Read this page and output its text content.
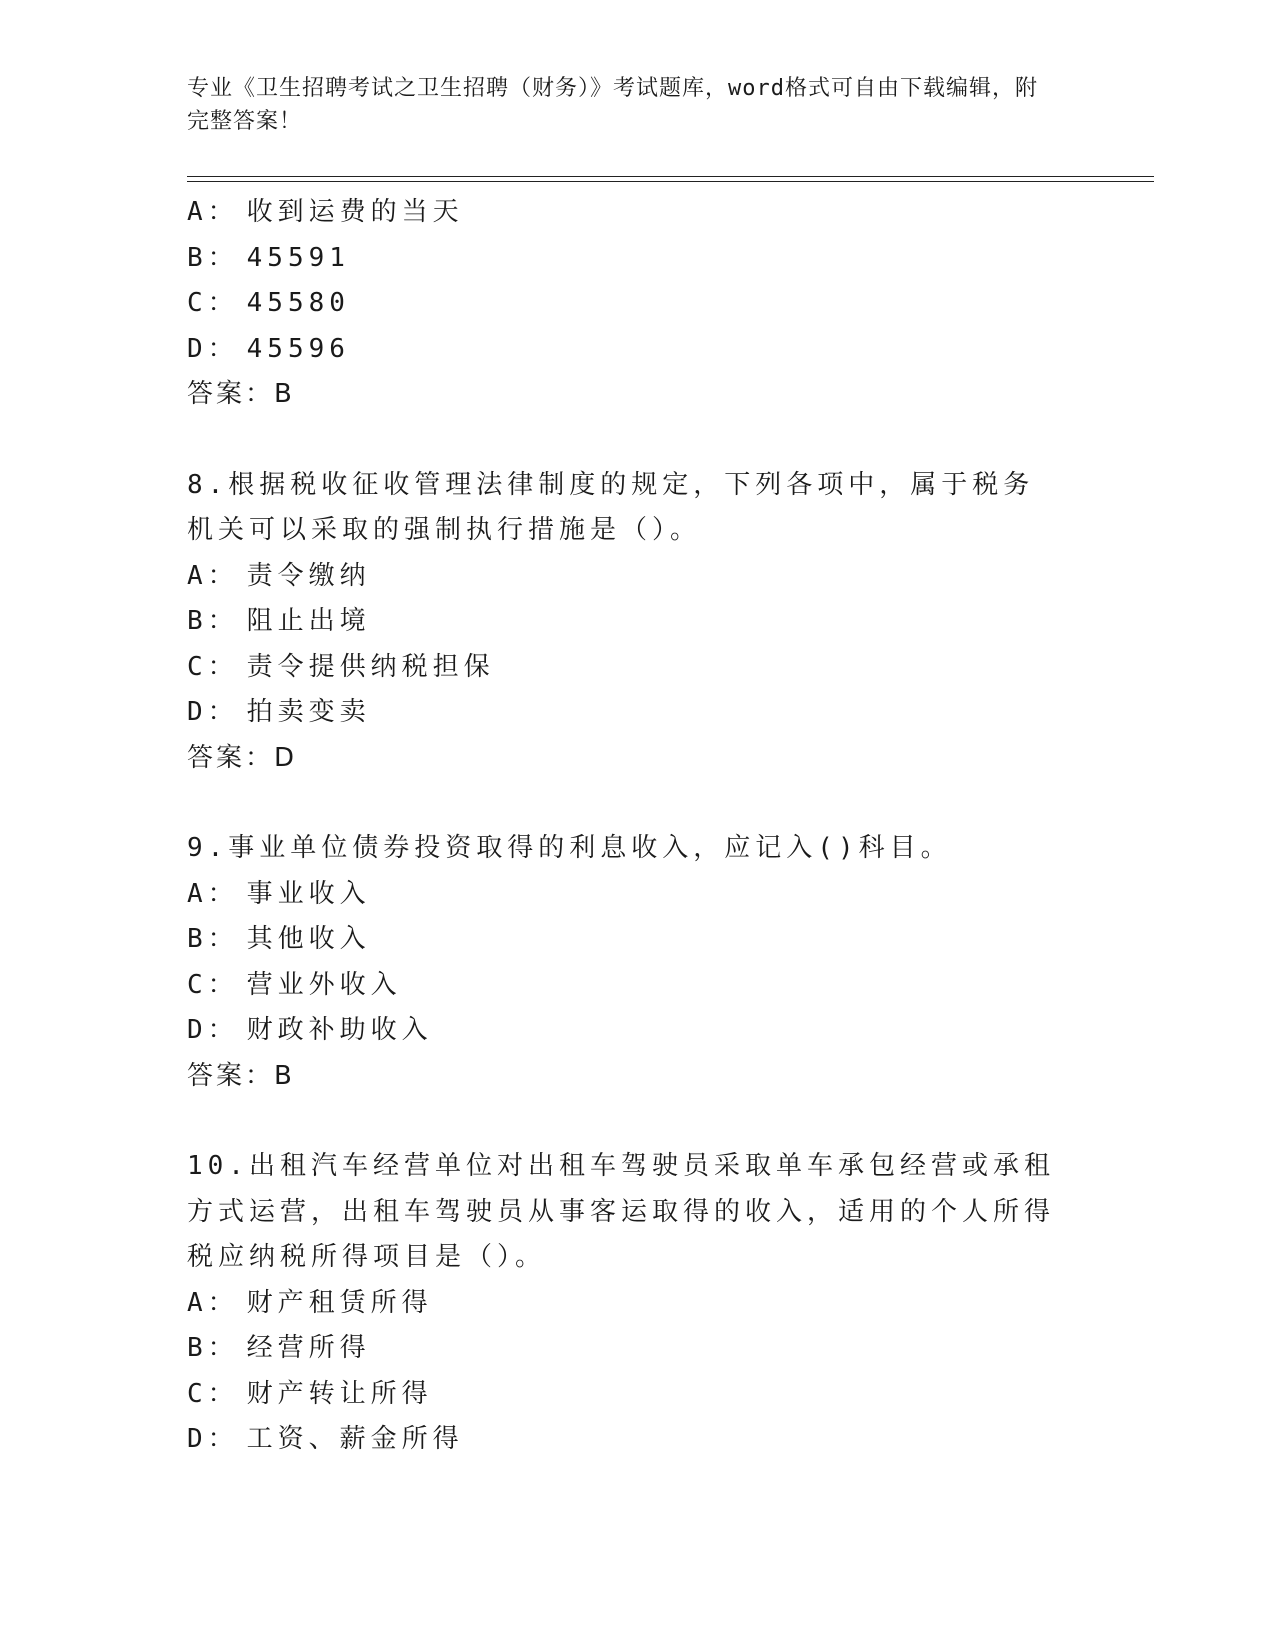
专业《卫生招聘考试之卫生招聘（财务）》考试题库，word格式可自由下载编辑，附完整答案！

A： 收到运费的当天

B： 45591

C： 45580

D： 45596

答案：B

8.根据税收征收管理法律制度的规定，下列各项中，属于税务机关可以采取的强制执行措施是（）。

A： 责令缴纳

B： 阻止出境

C： 责令提供纳税担保

D： 拍卖变卖

答案：D

9.事业单位债券投资取得的利息收入，应记入()科目。

A： 事业收入

B： 其他收入

C： 营业外收入

D： 财政补助收入

答案：B

10.出租汽车经营单位对出租车驾驶员采取单车承包经营或承租方式运营，出租车驾驶员从事客运取得的收入，适用的个人所得税应纳税所得项目是（）。

A： 财产租赁所得

B： 经营所得

C： 财产转让所得

D： 工资、薪金所得
